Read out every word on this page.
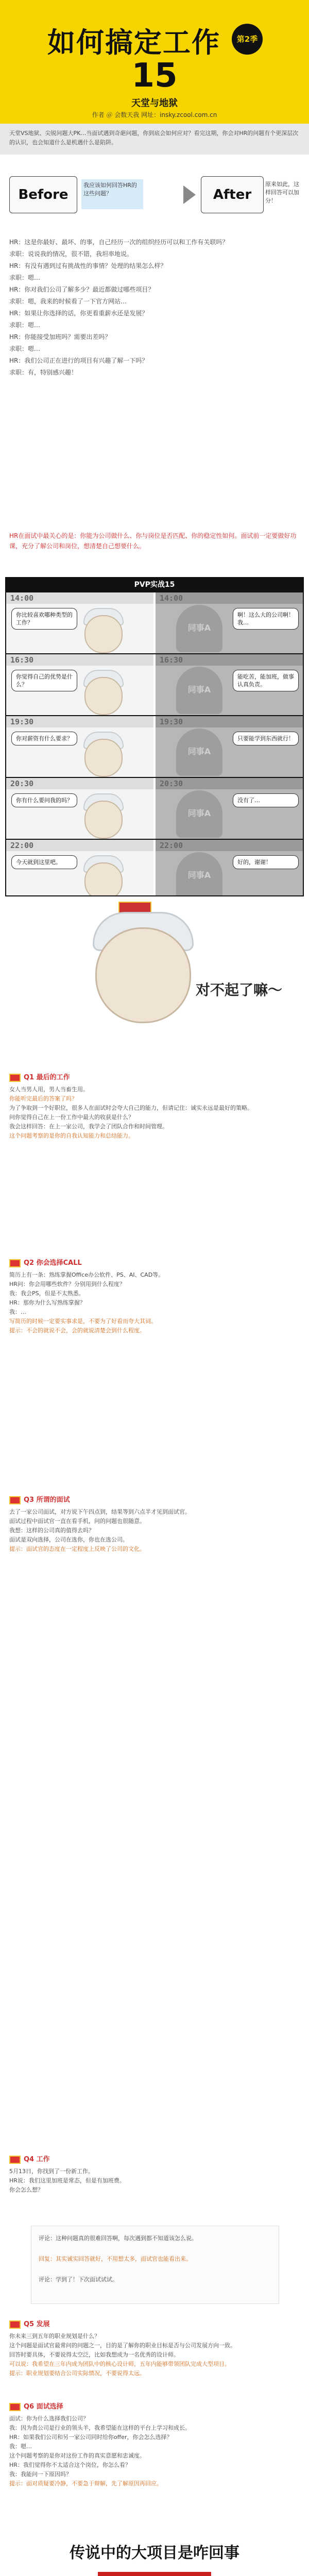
如何搞定工作	第2季
15
天堂与地狱
作者 ＠ 会数天我 网址：insky.zcool.com.cn

天堂VS地狱、尖锐问题大PK…当面试遇到奇葩问题，你到底会如何应对？看完这期，你会对HR的问题有个更深层次的认识，也会知道什么是机遇什么是陷阱。

Before
我应该如何回答HR的这些问题？	After
原来如此，这样回答可以加分！

HR：这是你最好、最坏、的事，自己经历一次的组织经历可以和工作有关联吗？

求职：说说我的情况，很不错，我坦率地说。

HR：有没有遇到过有挑战性的事情？处理的结果怎么样？

求职：嗯…

HR：你对我们公司了解多少？最近都做过哪些项目？

求职：嗯，我来的时候看了一下官方网站…

HR：如果让你选择的话，你更看重薪水还是发展？

求职：嗯…

HR：你能接受加班吗？需要出差吗？

求职：嗯…

HR：我们公司正在进行的项目有兴趣了解一下吗？

求职：有，特别感兴趣！

HR在面试中最关心的是：你能为公司做什么、你与岗位是否匹配、你的稳定性如何。面试前一定要做好功课，充分了解公司和岗位，想清楚自己想要什么。
PVP实战15
14:00
你比较喜欢哪种类型的工作？
14:00
同事A
啊！这么大的公司啊！我…
16:30
你觉得自己的优势是什么？
16:30
同事A
能吃苦，能加班，做事认真负责。
19:30
你对薪资有什么要求？
19:30
同事A
只要能学到东西就行！
20:30
你有什么要问我的吗？
20:30
同事A
没有了…
22:00
今天就到这里吧。
22:00
同事A
好的，谢谢！
对不起了嘛～
Q1 最后的工作

女人当男人用，男人当畜生用。

你能听完最后的答案了吗？

为了争取到一个好职位，很多人在面试时会夸大自己的能力，但请记住：诚实永远是最好的策略。

问你觉得自己在上一份工作中最大的收获是什么？

我会这样回答：在上一家公司，我学会了团队合作和时间管理。

这个问题考察的是你的自我认知能力和总结能力。

Q2 你会选择CALL

简历上有一条：熟练掌握Office办公软件、PS、AI、CAD等。

HR问：你会用哪些软件？分别用到什么程度？

我：我会PS，但是不太熟悉。

HR：那你为什么写熟练掌握？

我：…

写简历的时候一定要实事求是，不要为了好看而夸大其词。

提示：不会的就说不会，会的就说清楚会到什么程度。

Q3 所谓的面试

去了一家公司面试，对方说下午四点到，结果等到六点半才见到面试官。

面试过程中面试官一直在看手机，问的问题也很随意。

我想：这样的公司真的值得去吗？

面试是双向选择，公司在选你，你也在选公司。

提示：面试官的态度在一定程度上反映了公司的文化。

Q4 工作

5月13日，你找到了一份新工作。

HR说：我们这里加班是常态，但是有加班费。

你会怎么想？

评论：这种问题真的很难回答啊，每次遇到都不知道该怎么说。
回复：其实诚实回答就好，不用想太多，面试官也能看出来。
评论：学到了！下次面试试试。
Q5 发展

你未来三到五年的职业规划是什么？

这个问题是面试官最常问的问题之一，目的是了解你的职业目标是否与公司发展方向一致。

回答时要具体，不要说得太空泛，比如我想成为一名优秀的设计师。

可以说：我希望在三年内成为团队中的核心设计师，五年内能够带领团队完成大型项目。

提示：职业规划要结合公司实际情况，不要说得太远。

Q6 面试选择

面试：你为什么选择我们公司？

我：因为贵公司是行业的领头羊，我希望能在这样的平台上学习和成长。

HR：如果我们公司和另一家公司同时给你offer，你会怎么选择？

我：嗯…

这个问题考察的是你对这份工作的真实意愿和忠诚度。

HR：我们觉得你不太适合这个岗位，你怎么看？

我：我能问一下原因吗？

提示：面对质疑要冷静，不要急于辩解，先了解原因再回应。

传说中的大项目是咋回事
